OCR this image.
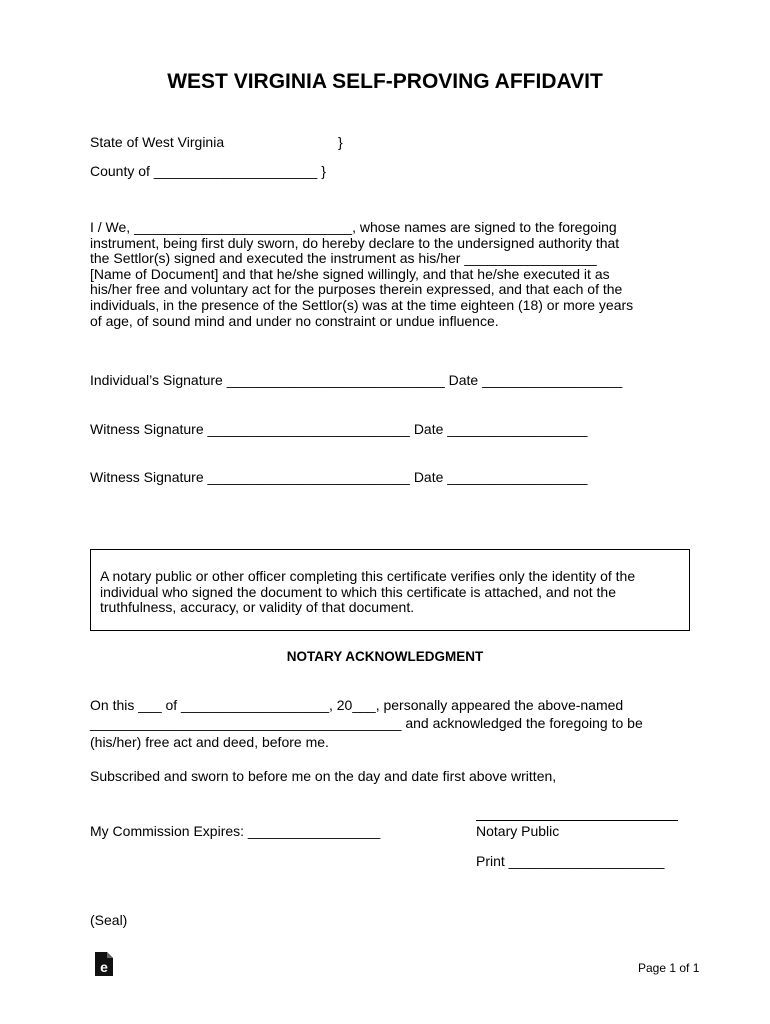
WEST VIRGINIA SELF-PROVING AFFIDAVIT
State of West Virginia	}
County of _____________________ }
I / We, ____________________________, whose names are signed to the foregoing
instrument, being first duly sworn, do hereby declare to the undersigned authority that
the Settlor(s) signed and executed the instrument as his/her _________________
[Name of Document] and that he/she signed willingly, and that he/she executed it as
his/her free and voluntary act for the purposes therein expressed, and that each of the
individuals, in the presence of the Settlor(s) was at the time eighteen (18) or more years
of age, of sound mind and under no constraint or undue influence.
Individual’s Signature ____________________________ Date __________________
Witness Signature __________________________ Date __________________
Witness Signature __________________________ Date __________________
A notary public or other officer completing this certificate verifies only the identity of the
individual who signed the document to which this certificate is attached, and not the
truthfulness, accuracy, or validity of that document.
NOTARY ACKNOWLEDGMENT
On this ___ of ___________________, 20___, personally appeared the above-named
________________________________________ and acknowledged the foregoing to be
(his/her) free act and deed, before me.
Subscribed and sworn to before me on the day and date first above written,
My Commission Expires: _________________	Notary Public
Print ____________________
(Seal)
e	Page 1 of 1
